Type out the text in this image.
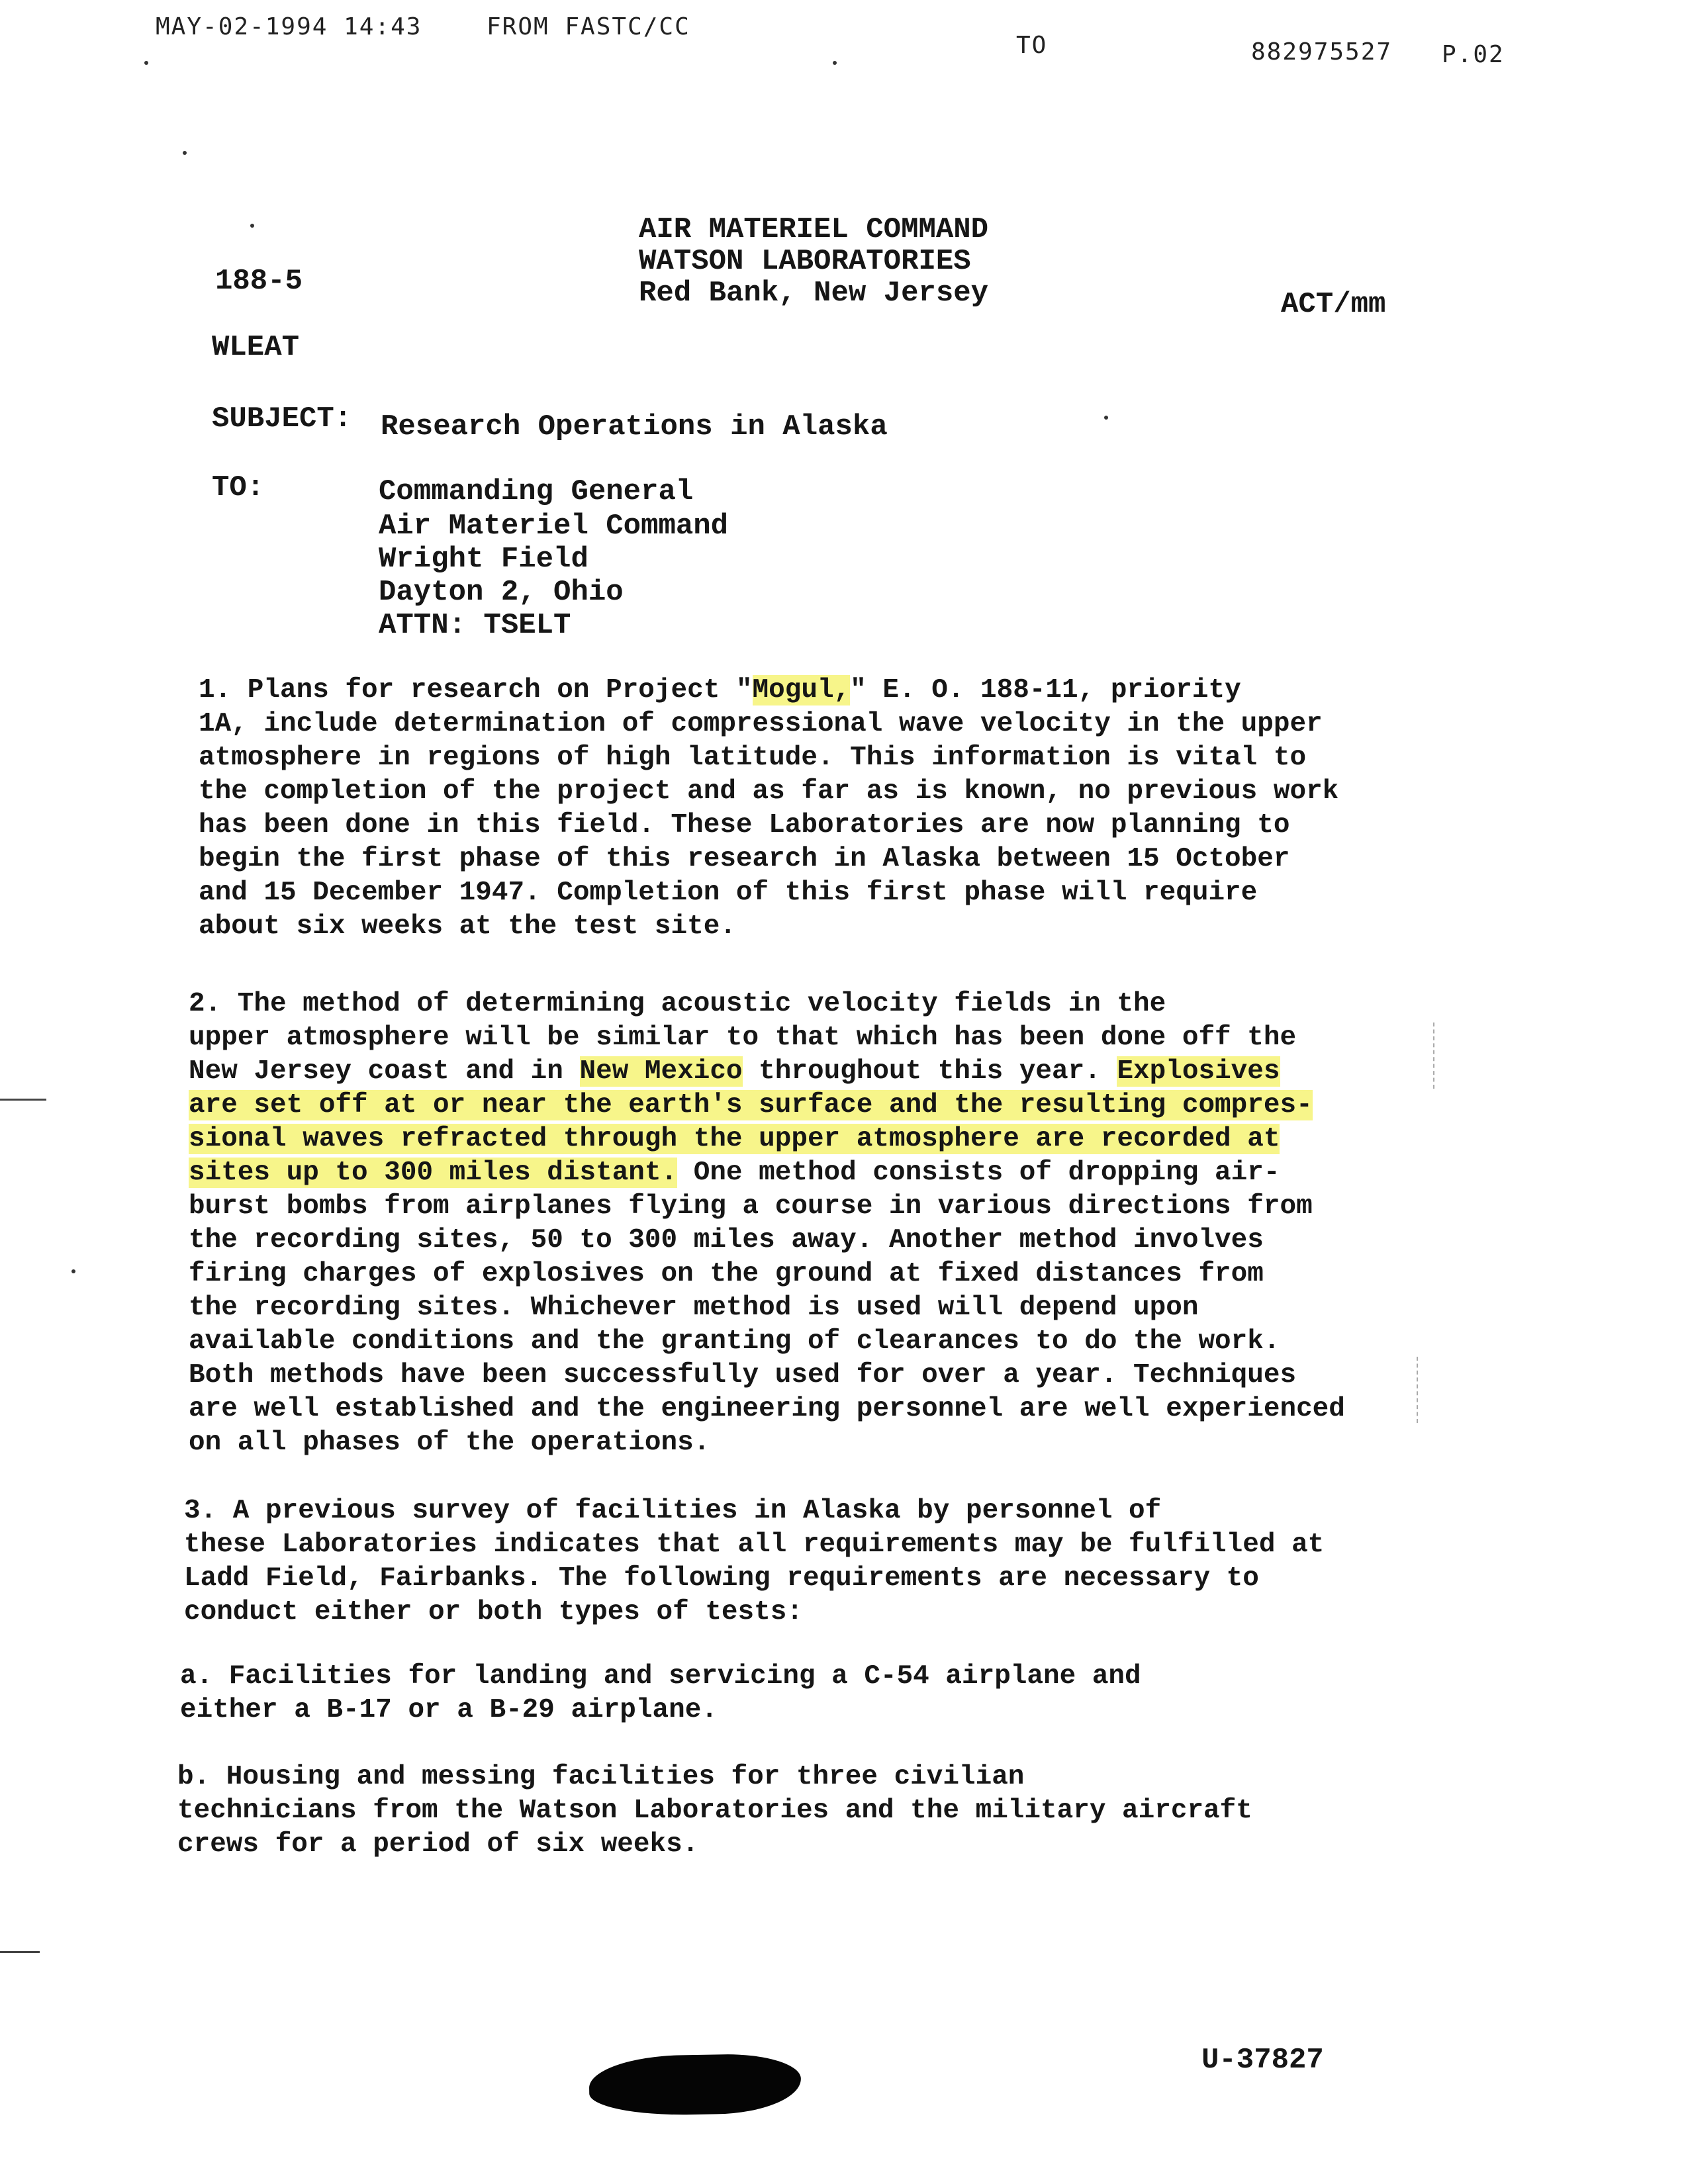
MAY-02-1994 14:43	FROM FASTC/CC
TO	882975527 P.02
AIR MATERIEL COMMAND
WATSON LABORATORIES
Red Bank, New Jersey
188-5
ACT/mm
WLEAT
SUBJECT: Research Operations in Alaska
TO:	Commanding General
Air Materiel Command
Wright Field
Dayton 2, Ohio
ATTN: TSELT

1. Plans for research on Project "Mogul," E. O. 188-11, priority

1A, include determination of compressional wave velocity in the upper

atmosphere in regions of high latitude. This information is vital to

the completion of the project and as far as is known, no previous work

has been done in this field. These Laboratories are now planning to

begin the first phase of this research in Alaska between 15 October

and 15 December 1947. Completion of this first phase will require

about six weeks at the test site.

2. The method of determining acoustic velocity fields in the

upper atmosphere will be similar to that which has been done off the

New Jersey coast and in New Mexico throughout this year. Explosives

are set off at or near the earth's surface and the resulting compres-

sional waves refracted through the upper atmosphere are recorded at

sites up to 300 miles distant. One method consists of dropping air-

burst bombs from airplanes flying a course in various directions from

the recording sites, 50 to 300 miles away. Another method involves

firing charges of explosives on the ground at fixed distances from

the recording sites. Whichever method is used will depend upon

available conditions and the granting of clearances to do the work.

Both methods have been successfully used for over a year. Techniques

are well established and the engineering personnel are well experienced

on all phases of the operations.

3. A previous survey of facilities in Alaska by personnel of

these Laboratories indicates that all requirements may be fulfilled at

Ladd Field, Fairbanks. The following requirements are necessary to

conduct either or both types of tests:

a. Facilities for landing and servicing a C-54 airplane and

either a B-17 or a B-29 airplane.

b. Housing and messing facilities for three civilian

technicians from the Watson Laboratories and the military aircraft

crews for a period of six weeks.

U-37827
